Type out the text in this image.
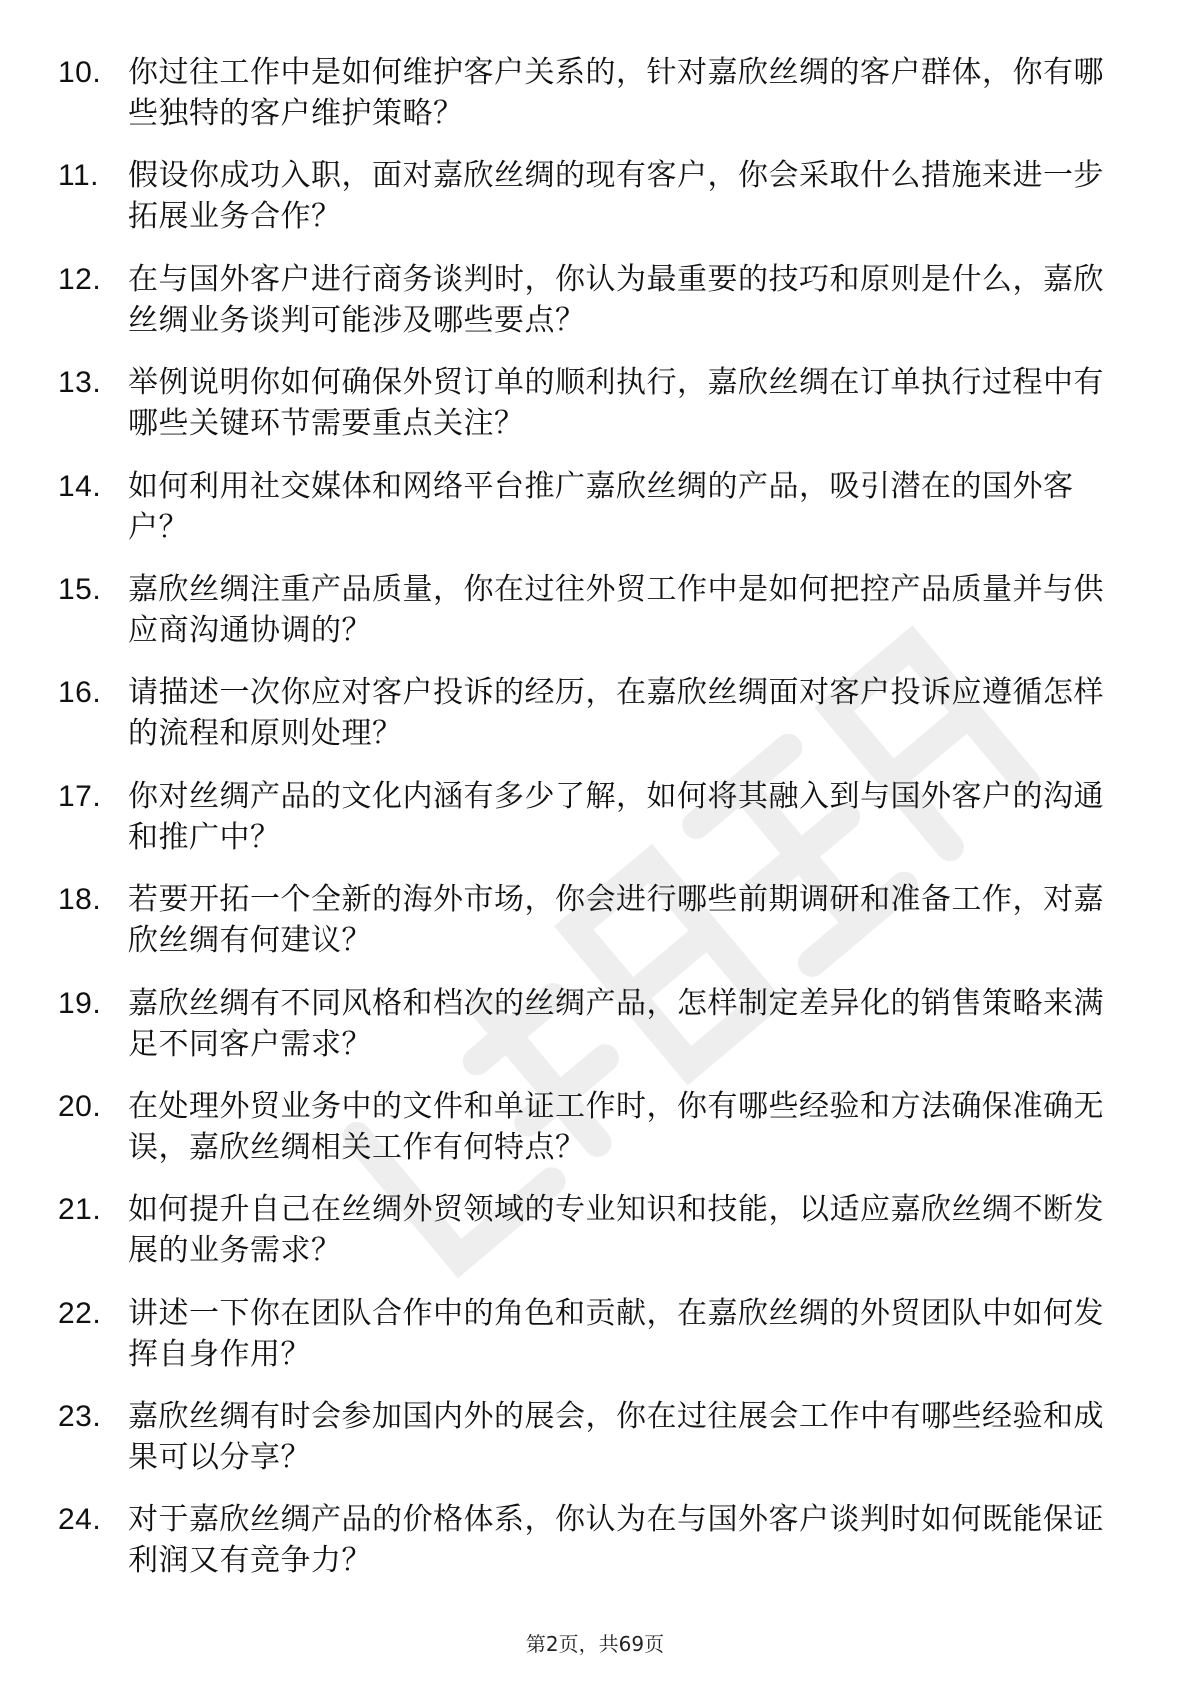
10. 你过往工作中是如何维护客户关系的，针对嘉欣丝绸的客户群体，你有哪些独特的客户维护策略？
11. 假设你成功入职，面对嘉欣丝绸的现有客户，你会采取什么措施来进一步拓展业务合作？
12. 在与国外客户进行商务谈判时，你认为最重要的技巧和原则是什么，嘉欣丝绸业务谈判可能涉及哪些要点？
13. 举例说明你如何确保外贸订单的顺利执行，嘉欣丝绸在订单执行过程中有哪些关键环节需要重点关注？
14. 如何利用社交媒体和网络平台推广嘉欣丝绸的产品，吸引潜在的国外客户？
15. 嘉欣丝绸注重产品质量，你在过往外贸工作中是如何把控产品质量并与供应商沟通协调的？
16. 请描述一次你应对客户投诉的经历，在嘉欣丝绸面对客户投诉应遵循怎样的流程和原则处理？
17. 你对丝绸产品的文化内涵有多少了解，如何将其融入到与国外客户的沟通和推广中？
18. 若要开拓一个全新的海外市场，你会进行哪些前期调研和准备工作，对嘉欣丝绸有何建议？
19. 嘉欣丝绸有不同风格和档次的丝绸产品，怎样制定差异化的销售策略来满足不同客户需求？
20. 在处理外贸业务中的文件和单证工作时，你有哪些经验和方法确保准确无误，嘉欣丝绸相关工作有何特点？
21. 如何提升自己在丝绸外贸领域的专业知识和技能，以适应嘉欣丝绸不断发展的业务需求？
22. 讲述一下你在团队合作中的角色和贡献，在嘉欣丝绸的外贸团队中如何发挥自身作用？
23. 嘉欣丝绸有时会参加国内外的展会，你在过往展会工作中有哪些经验和成果可以分享？
24. 对于嘉欣丝绸产品的价格体系，你认为在与国外客户谈判时如何既能保证利润又有竞争力？
第2页，共69页
